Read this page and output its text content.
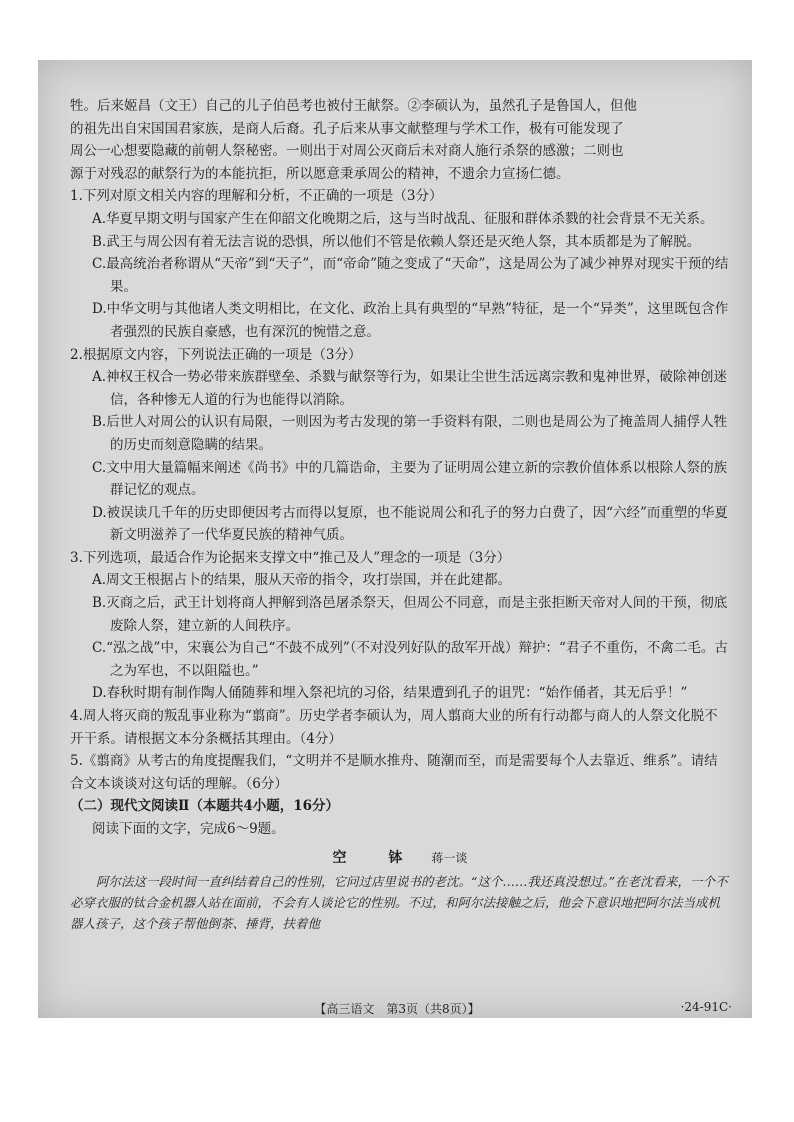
牲。后来姬昌（文王）自己的儿子伯邑考也被付王献祭。②李硕认为，虽然孔子是鲁国人，但他

的祖先出自宋国国君家族，是商人后裔。孔子后来从事文献整理与学术工作，极有可能发现了

周公一心想要隐藏的前朝人祭秘密。一则出于对周公灭商后未对商人施行杀祭的感激；二则也

源于对残忍的献祭行为的本能抗拒，所以愿意秉承周公的精神，不遗余力宣扬仁德。

1.下列对原文相关内容的理解和分析，不正确的一项是（3分）

A.华夏早期文明与国家产生在仰韶文化晚期之后，这与当时战乱、征服和群体杀戮的社会背景不无关系。

B.武王与周公因有着无法言说的恐惧，所以他们不管是依赖人祭还是灭绝人祭，其本质都是为了解脱。

C.最高统治者称谓从“天帝”到“天子”，而“帝命”随之变成了“天命”，这是周公为了减少神界对现实干预的结果。

D.中华文明与其他诸人类文明相比，在文化、政治上具有典型的“早熟”特征，是一个“异类”，这里既包含作者强烈的民族自豪感，也有深沉的惋惜之意。

2.根据原文内容，下列说法正确的一项是（3分）

A.神权王权合一势必带来族群壁垒、杀戮与献祭等行为，如果让尘世生活远离宗教和鬼神世界，破除神创迷信，各种惨无人道的行为也能得以消除。

B.后世人对周公的认识有局限，一则因为考古发现的第一手资料有限，二则也是周公为了掩盖周人捕俘人牲的历史而刻意隐瞒的结果。

C.文中用大量篇幅来阐述《尚书》中的几篇诰命，主要为了证明周公建立新的宗教价值体系以根除人祭的族群记忆的观点。

D.被误读几千年的历史即便因考古而得以复原，也不能说周公和孔子的努力白费了，因“六经”而重塑的华夏新文明滋养了一代华夏民族的精神气质。

3.下列选项，最适合作为论据来支撑文中“推己及人”理念的一项是（3分）

A.周文王根据占卜的结果，服从天帝的指令，攻打崇国，并在此建都。

B.灭商之后，武王计划将商人押解到洛邑屠杀祭天，但周公不同意，而是主张拒断天帝对人间的干预，彻底废除人祭，建立新的人间秩序。

C.“泓之战”中，宋襄公为自己“不鼓不成列”（不对没列好队的敌军开战）辩护：“君子不重伤，不禽二毛。古之为军也，不以阻隘也。”

D.春秋时期有制作陶人俑随葬和埋入祭祀坑的习俗，结果遭到孔子的诅咒：“始作俑者，其无后乎！”

4.周人将灭商的叛乱事业称为“翦商”。历史学者李硕认为，周人翦商大业的所有行动都与商人的人祭文化脱不开干系。请根据文本分条概括其理由。（4分）

5.《翦商》从考古的角度提醒我们，“文明并不是顺水推舟、随潮而至，而是需要每个人去靠近、维系”。请结合文本谈谈对这句话的理解。（6分）

（二）现代文阅读Ⅱ（本题共4小题，16分）

阅读下面的文字，完成6～9题。

空　钵 蒋一谈

阿尔法这一段时间一直纠结着自己的性别，它问过店里说书的老沈。“这个……我还真没想过。”在老沈看来，一个不必穿衣服的钛合金机器人站在面前，不会有人谈论它的性别。不过，和阿尔法接触之后，他会下意识地把阿尔法当成机器人孩子，这个孩子帮他倒茶、捶背，扶着他

【高三语文　第3页（共8页）】	·24-91C·
